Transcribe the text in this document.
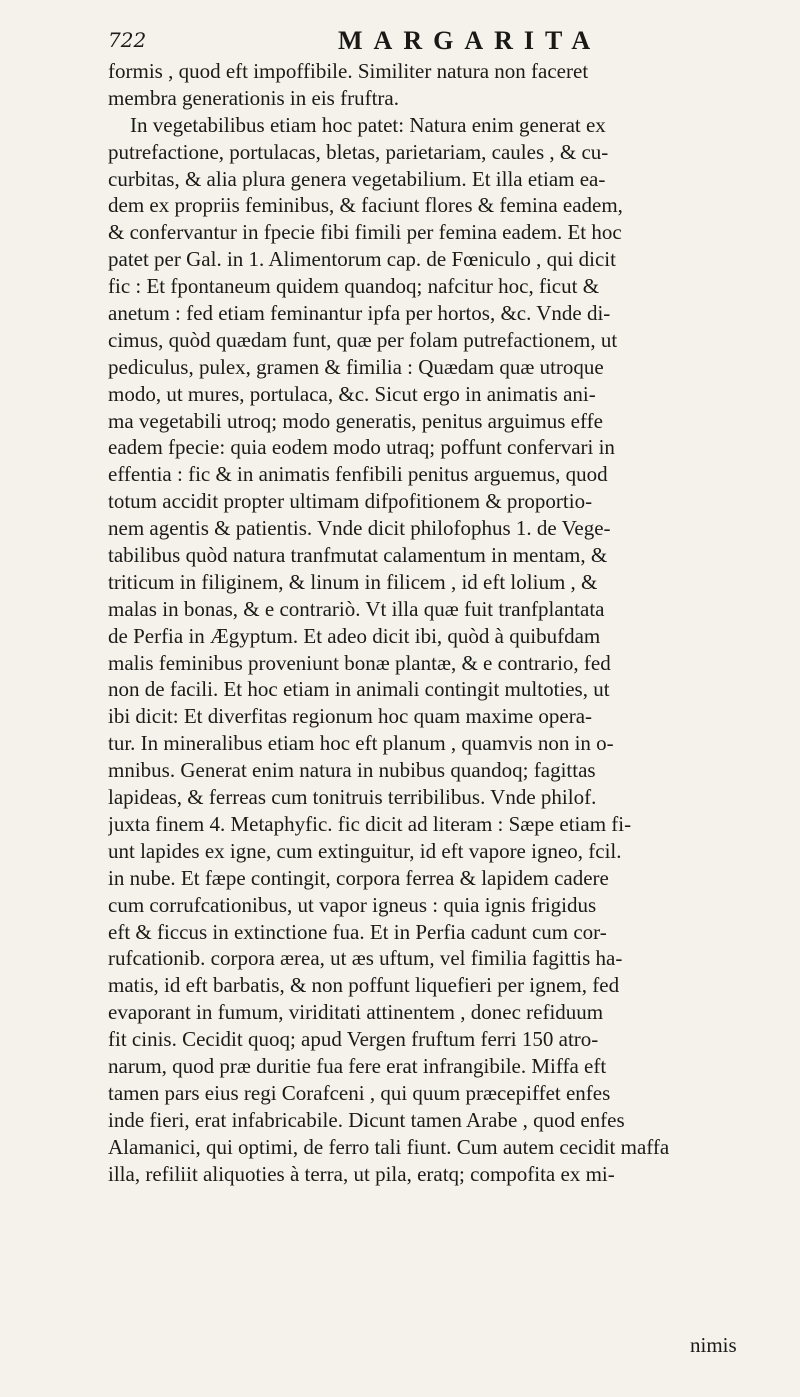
722	MARGARITA
formis , quod eft impoffibile. Similiter natura non faceret
membra generationis in eis fruftra.
In vegetabilibus etiam hoc patet: Natura enim generat ex
putrefactione, portulacas, bletas, parietariam, caules , & cu-
curbitas, & alia plura genera vegetabilium. Et illa etiam ea-
dem ex propriis feminibus, & faciunt flores & femina eadem,
& confervantur in fpecie fibi fimili per femina eadem. Et hoc
patet per Gal. in 1. Alimentorum cap. de Fœniculo , qui dicit
fic : Et fpontaneum quidem quandoq; nafcitur hoc, ficut &
anetum : fed etiam feminantur ipfa per hortos, &c. Vnde di-
cimus, quòd quædam funt, quæ per folam putrefactionem, ut
pediculus, pulex, gramen & fimilia : Quædam quæ utroque
modo, ut mures, portulaca, &c. Sicut ergo in animatis ani-
ma vegetabili utroq; modo generatis, penitus arguimus effe
eadem fpecie: quia eodem modo utraq; poffunt confervari in
effentia : fic & in animatis fenfibili penitus arguemus, quod
totum accidit propter ultimam difpofitionem & proportio-
nem agentis & patientis. Vnde dicit philofophus 1. de Vege-
tabilibus quòd natura tranfmutat calamentum in mentam, &
triticum in filiginem, & linum in filicem , id eft lolium , &
malas in bonas, & e contrariò. Vt illa quæ fuit tranfplantata
de Perfia in Ægyptum. Et adeo dicit ibi, quòd à quibufdam
malis feminibus proveniunt bonæ plantæ, & e contrario, fed
non de facili. Et hoc etiam in animali contingit multoties, ut
ibi dicit: Et diverfitas regionum hoc quam maxime opera-
tur. In mineralibus etiam hoc eft planum , quamvis non in o-
mnibus. Generat enim natura in nubibus quandoq; fagittas
lapideas, & ferreas cum tonitruis terribilibus. Vnde philof.
juxta finem 4. Metaphyfic. fic dicit ad literam : Sæpe etiam fi-
unt lapides ex igne, cum extinguitur, id eft vapore igneo, fcil.
in nube. Et fæpe contingit, corpora ferrea & lapidem cadere
cum corrufcationibus, ut vapor igneus : quia ignis frigidus
eft & ficcus in extinctione fua. Et in Perfia cadunt cum cor-
rufcationib. corpora ærea, ut æs uftum, vel fimilia fagittis ha-
matis, id eft barbatis, & non poffunt liquefieri per ignem, fed
evaporant in fumum, viriditati attinentem , donec refiduum
fit cinis. Cecidit quoq; apud Vergen fruftum ferri 150 atro-
narum, quod præ duritie fua fere erat infrangibile. Miffa eft
tamen pars eius regi Corafceni , qui quum præcepiffet enfes
inde fieri, erat infabricabile. Dicunt tamen Arabe , quod enfes
Alamanici, qui optimi, de ferro tali fiunt. Cum autem cecidit maffa
illa, refiliit aliquoties à terra, ut pila, eratq; compofita ex mi-
nimis
